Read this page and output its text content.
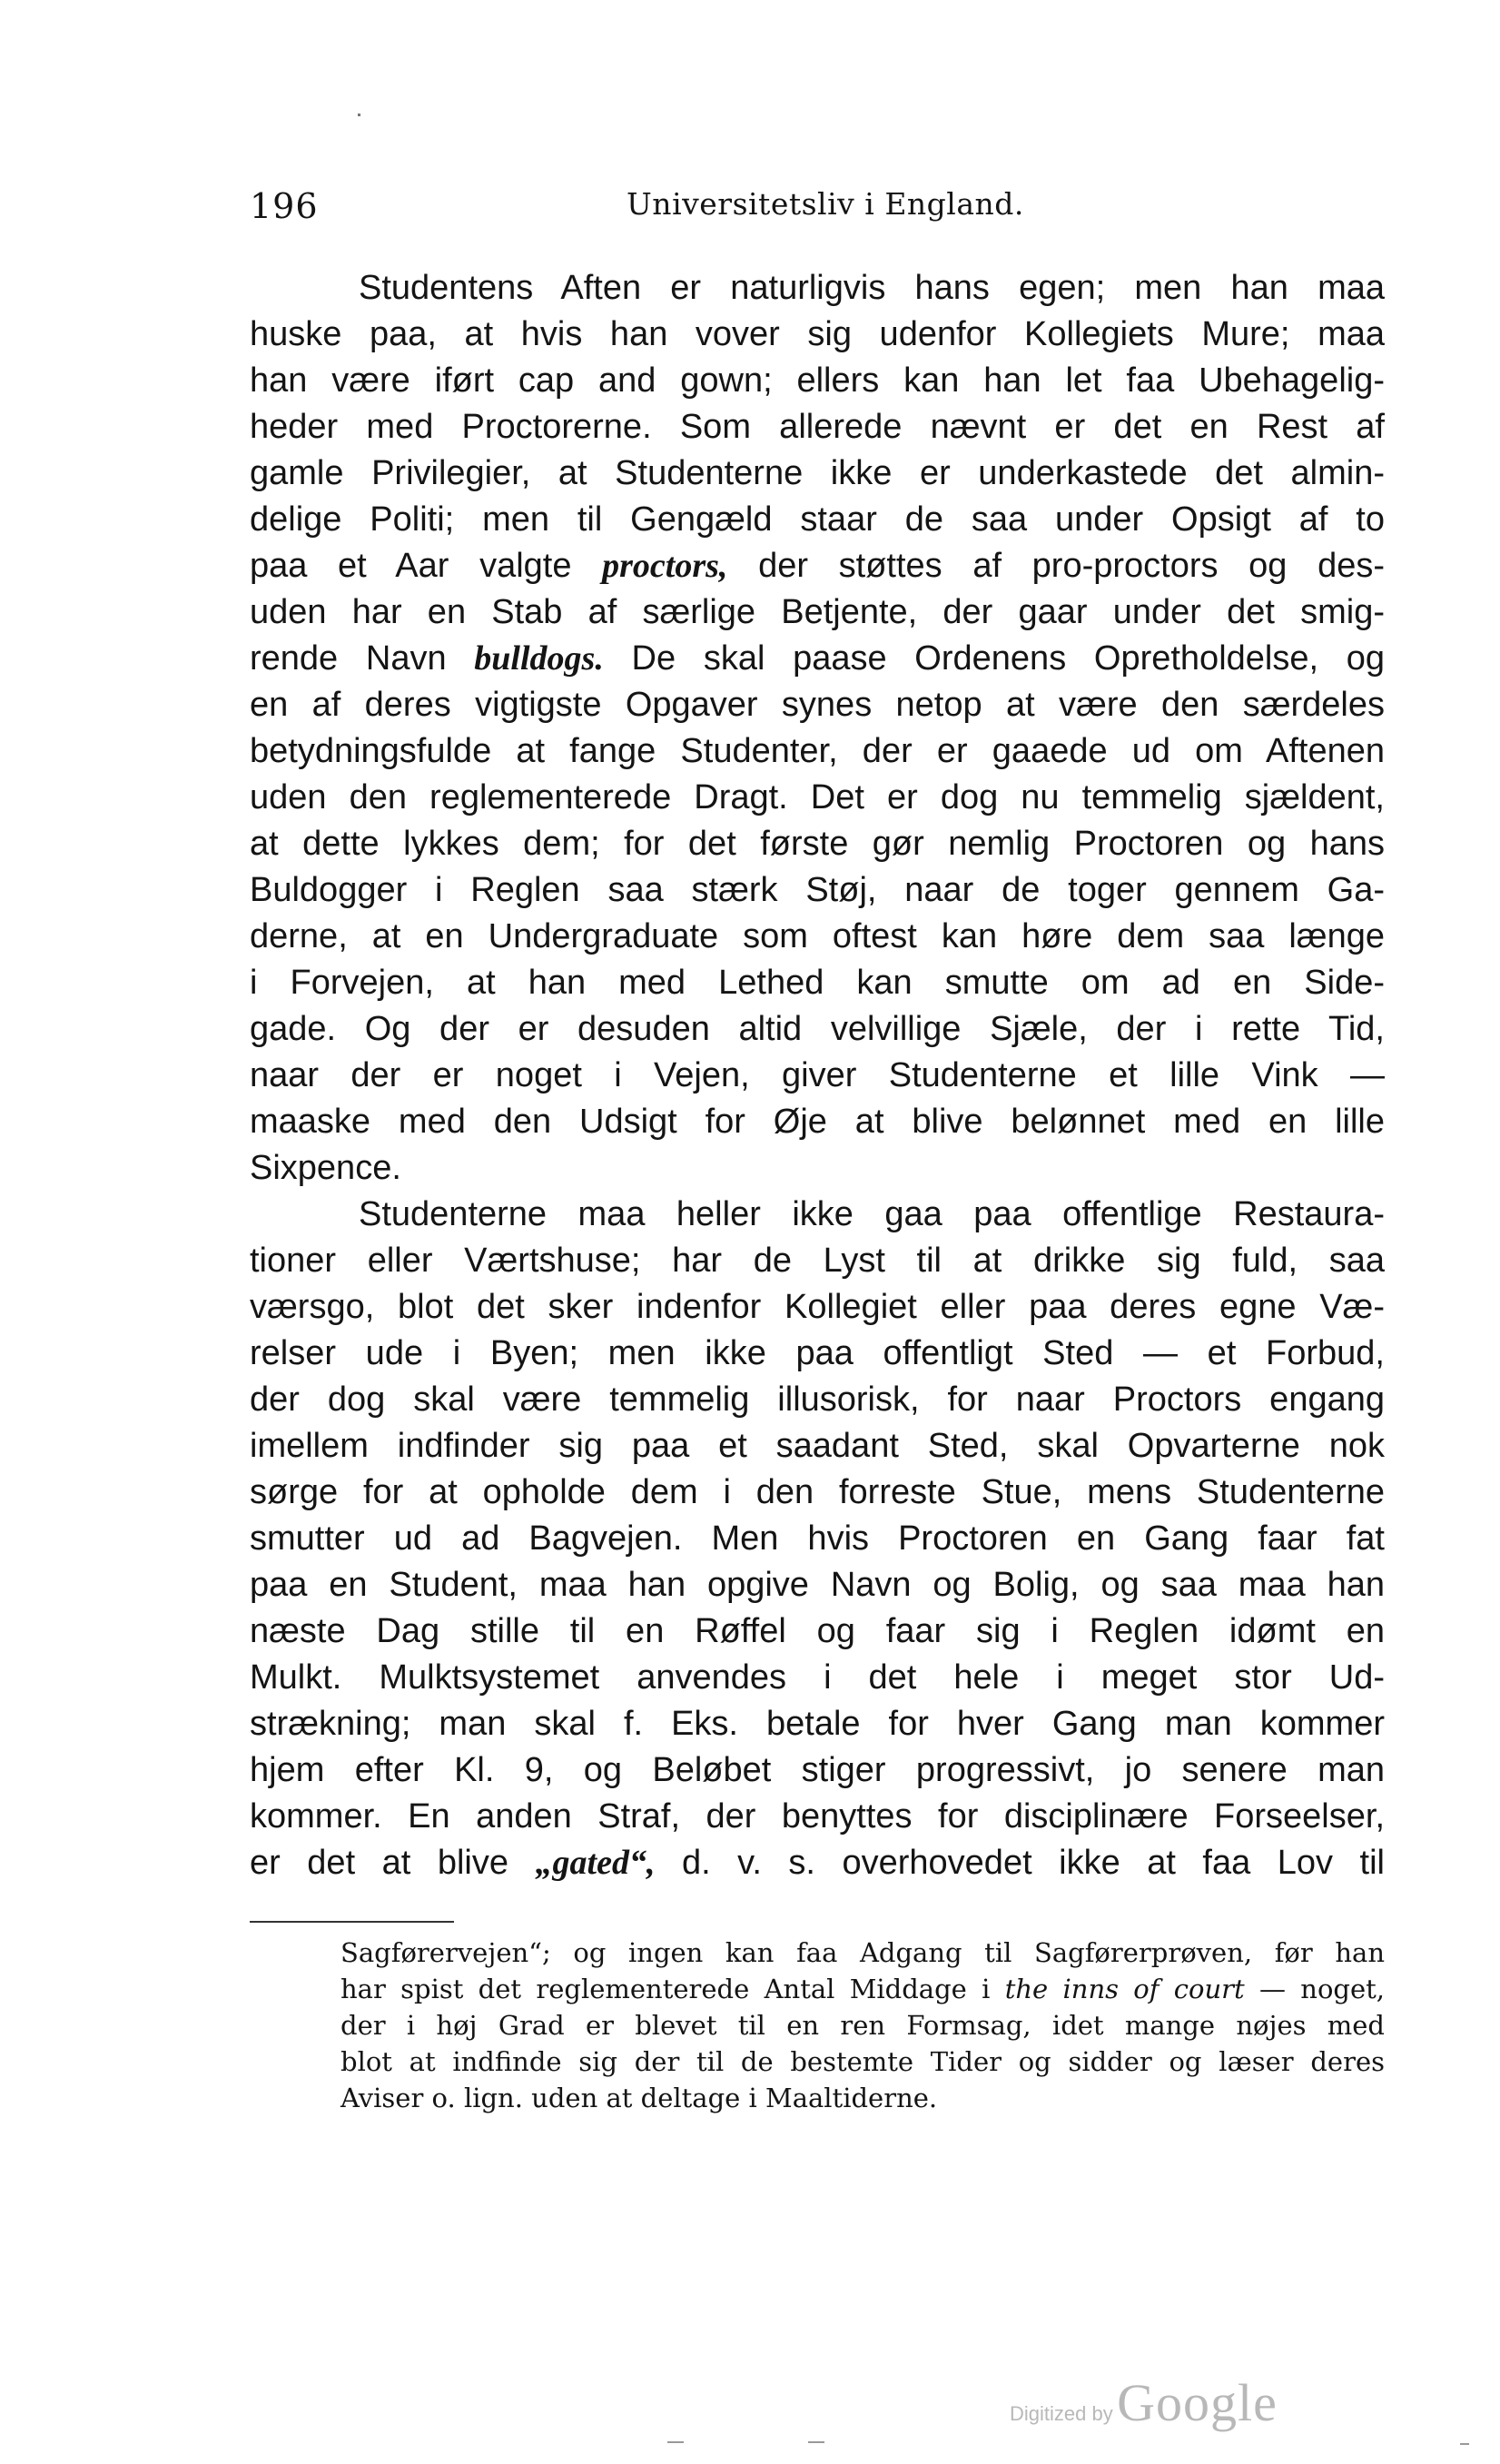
196	Universitetsliv i England.
Studentens Aften er naturligvis hans egen; men han maa
huske paa, at hvis han vover sig udenfor Kollegiets Mure; maa
han være iført cap and gown; ellers kan han let faa Ubehagelig-
heder med Proctorerne. Som allerede nævnt er det en Rest af
gamle Privilegier, at Studenterne ikke er underkastede det almin-
delige Politi; men til Gengæld staar de saa under Opsigt af to
paa et Aar valgte proctors, der støttes af pro-proctors og des-
uden har en Stab af særlige Betjente, der gaar under det smig-
rende Navn bulldogs. De skal paase Ordenens Opretholdelse, og
en af deres vigtigste Opgaver synes netop at være den særdeles
betydningsfulde at fange Studenter, der er gaaede ud om Aftenen
uden den reglementerede Dragt. Det er dog nu temmelig sjældent,
at dette lykkes dem; for det første gør nemlig Proctoren og hans
Buldogger i Reglen saa stærk Støj, naar de toger gennem Ga-
derne, at en Undergraduate som oftest kan høre dem saa længe
i Forvejen, at han med Lethed kan smutte om ad en Side-
gade. Og der er desuden altid velvillige Sjæle, der i rette Tid,
naar der er noget i Vejen, giver Studenterne et lille Vink —
maaske med den Udsigt for Øje at blive belønnet med en lille
Sixpence.
Studenterne maa heller ikke gaa paa offentlige Restaura-
tioner eller Værtshuse; har de Lyst til at drikke sig fuld, saa
værsgo, blot det sker indenfor Kollegiet eller paa deres egne Væ-
relser ude i Byen; men ikke paa offentligt Sted — et Forbud,
der dog skal være temmelig illusorisk, for naar Proctors engang
imellem indfinder sig paa et saadant Sted, skal Opvarterne nok
sørge for at opholde dem i den forreste Stue, mens Studenterne
smutter ud ad Bagvejen. Men hvis Proctoren en Gang faar fat
paa en Student, maa han opgive Navn og Bolig, og saa maa han
næste Dag stille til en Røffel og faar sig i Reglen idømt en
Mulkt. Mulktsystemet anvendes i det hele i meget stor Ud-
strækning; man skal f. Eks. betale for hver Gang man kommer
hjem efter Kl. 9, og Beløbet stiger progressivt, jo senere man
kommer. En anden Straf, der benyttes for disciplinære Forseelser,
er det at blive „gated“, d. v. s. overhovedet ikke at faa Lov til
Sagførervejen“; og ingen kan faa Adgang til Sagførerprøven, før han
har spist det reglementerede Antal Middage i the inns of court — noget,
der i høj Grad er blevet til en ren Formsag, idet mange nøjes med
blot at indfinde sig der til de bestemte Tider og sidder og læser deres
Aviser o. lign. uden at deltage i Maaltiderne.
Digitized by Google
